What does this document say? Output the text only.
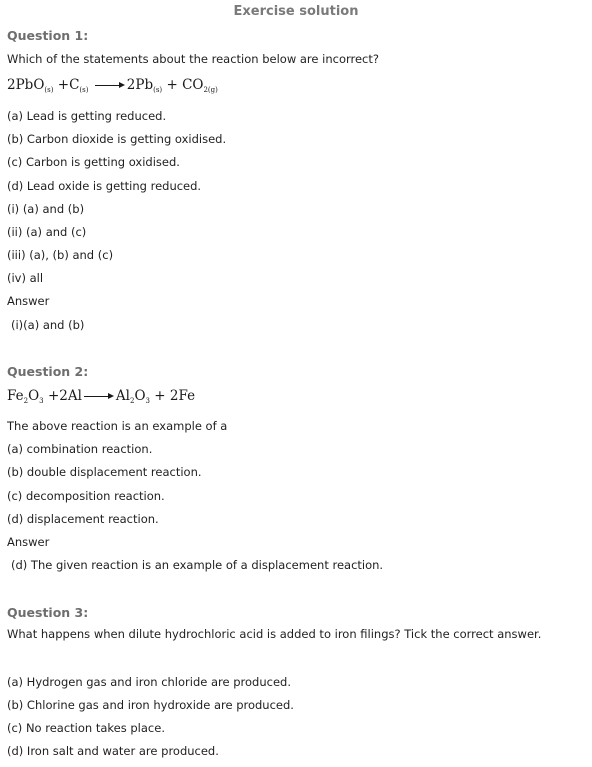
Exercise solution
Question 1:
Which of the statements about the reaction below are incorrect?
$2PbO_{(s)} +C_{(s)}$	$2Pb_{(s)} + CO_{2(g)}$
(a) Lead is getting reduced.
(b) Carbon dioxide is getting oxidised.
(c) Carbon is getting oxidised.
(d) Lead oxide is getting reduced.
(i) (a) and (b)
(ii) (a) and (c)
(iii) (a), (b) and (c)
(iv) all
Answer
(i)(a) and (b)
Question 2:
$Fe_2O_3 +2Al$	$Al_2O_3 + 2Fe$
The above reaction is an example of a
(a) combination reaction.
(b) double displacement reaction.
(c) decomposition reaction.
(d) displacement reaction.
Answer
(d) The given reaction is an example of a displacement reaction.
Question 3:
What happens when dilute hydrochloric acid is added to iron filings? Tick the correct answer.
(a) Hydrogen gas and iron chloride are produced.
(b) Chlorine gas and iron hydroxide are produced.
(c) No reaction takes place.
(d) Iron salt and water are produced.
